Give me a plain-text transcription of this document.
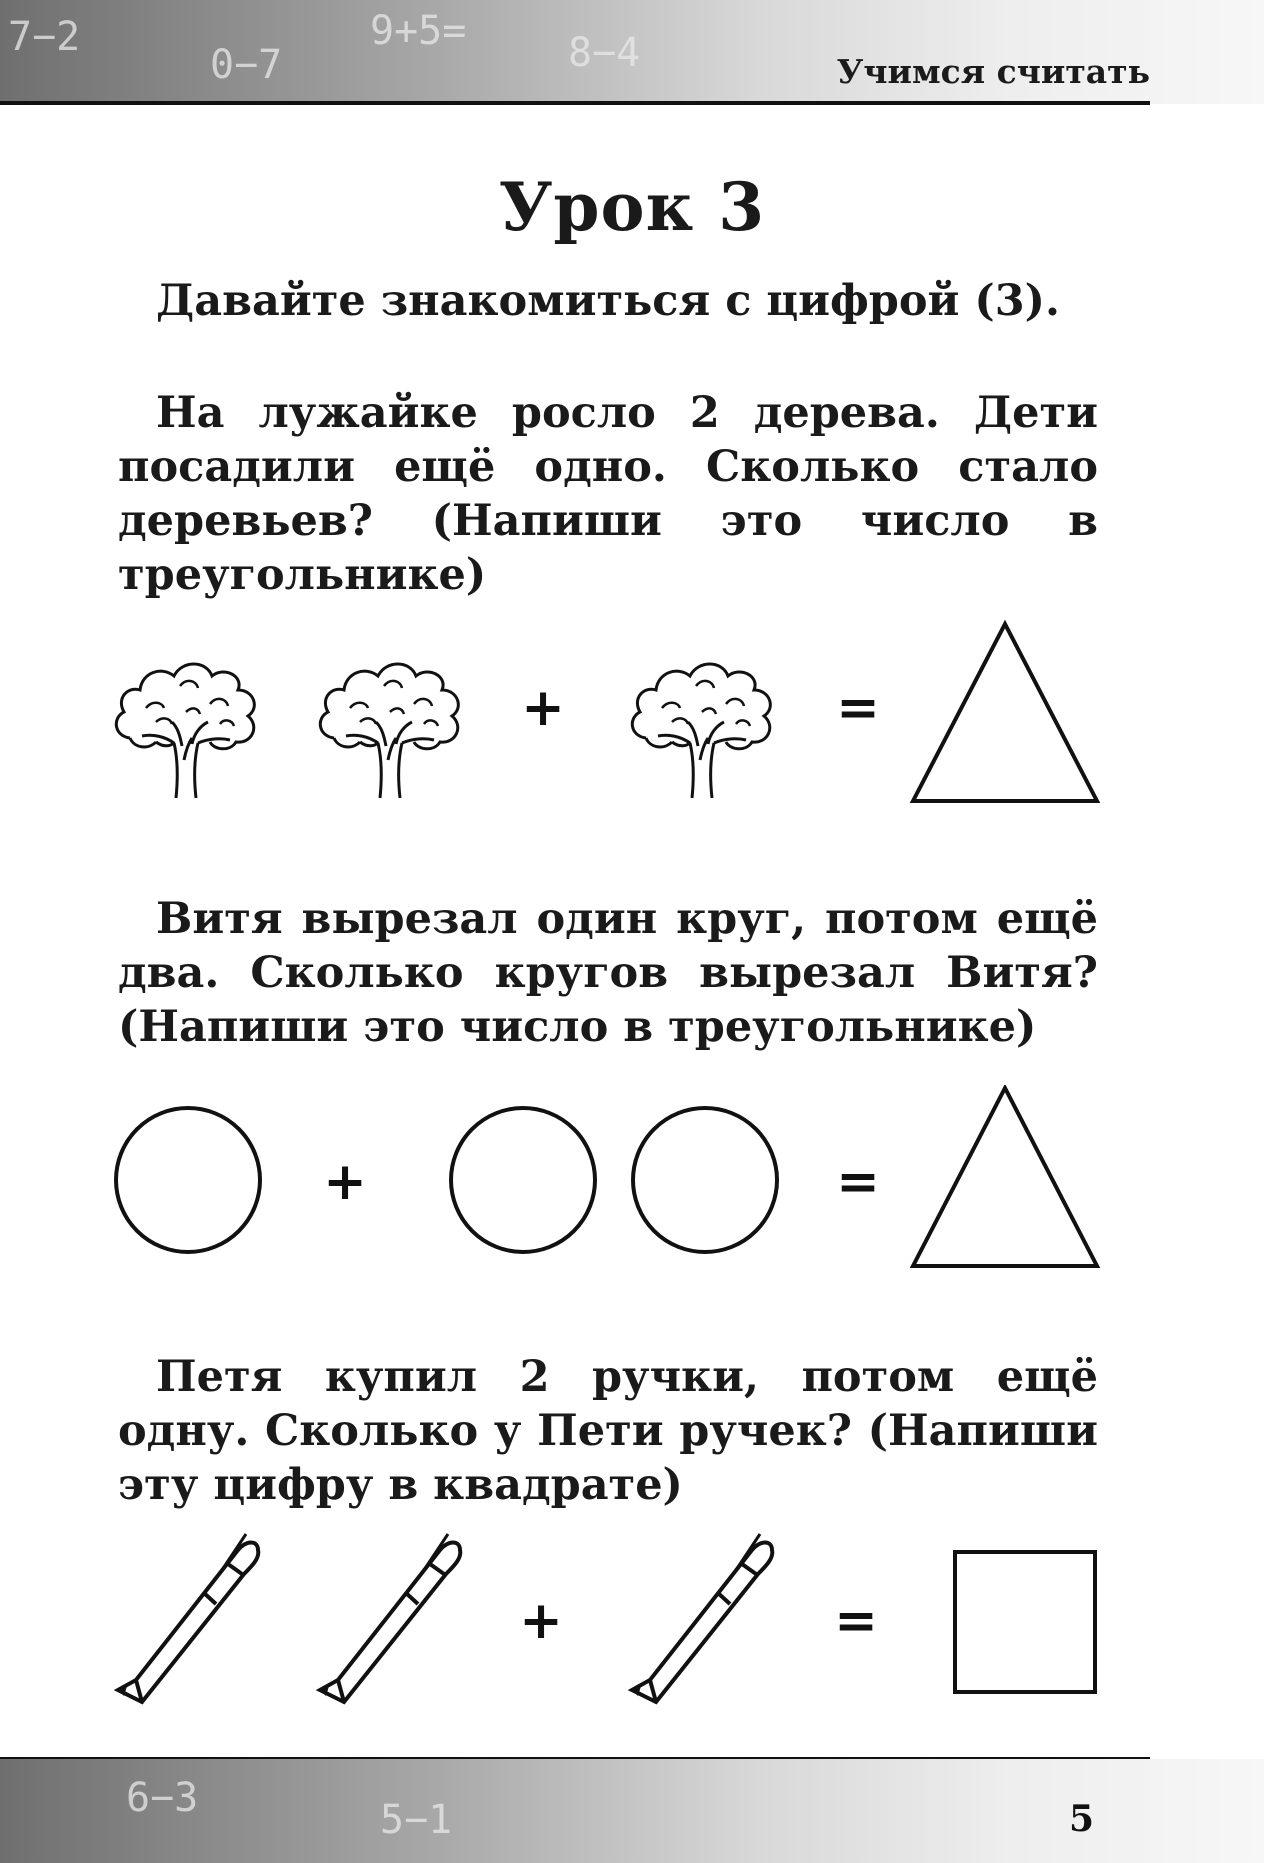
7−2
0−7
9+5=	8−4	Учимся считать
Урок 3
Давайте знакомиться с цифрой (3).
На лужайке росло 2 дерева. Дети посадили ещё одно. Сколько стало деревьев? (Напиши это число в треугольнике)
+	=
Витя вырезал один круг, потом ещё два. Сколько кругов вырезал Витя? (Напиши это число в треугольнике)
+	=
Петя купил 2 ручки, потом ещё одну. Сколько у Пети ручек? (Напиши эту цифру в квадрате)
+	=
6−3	5−1	5
